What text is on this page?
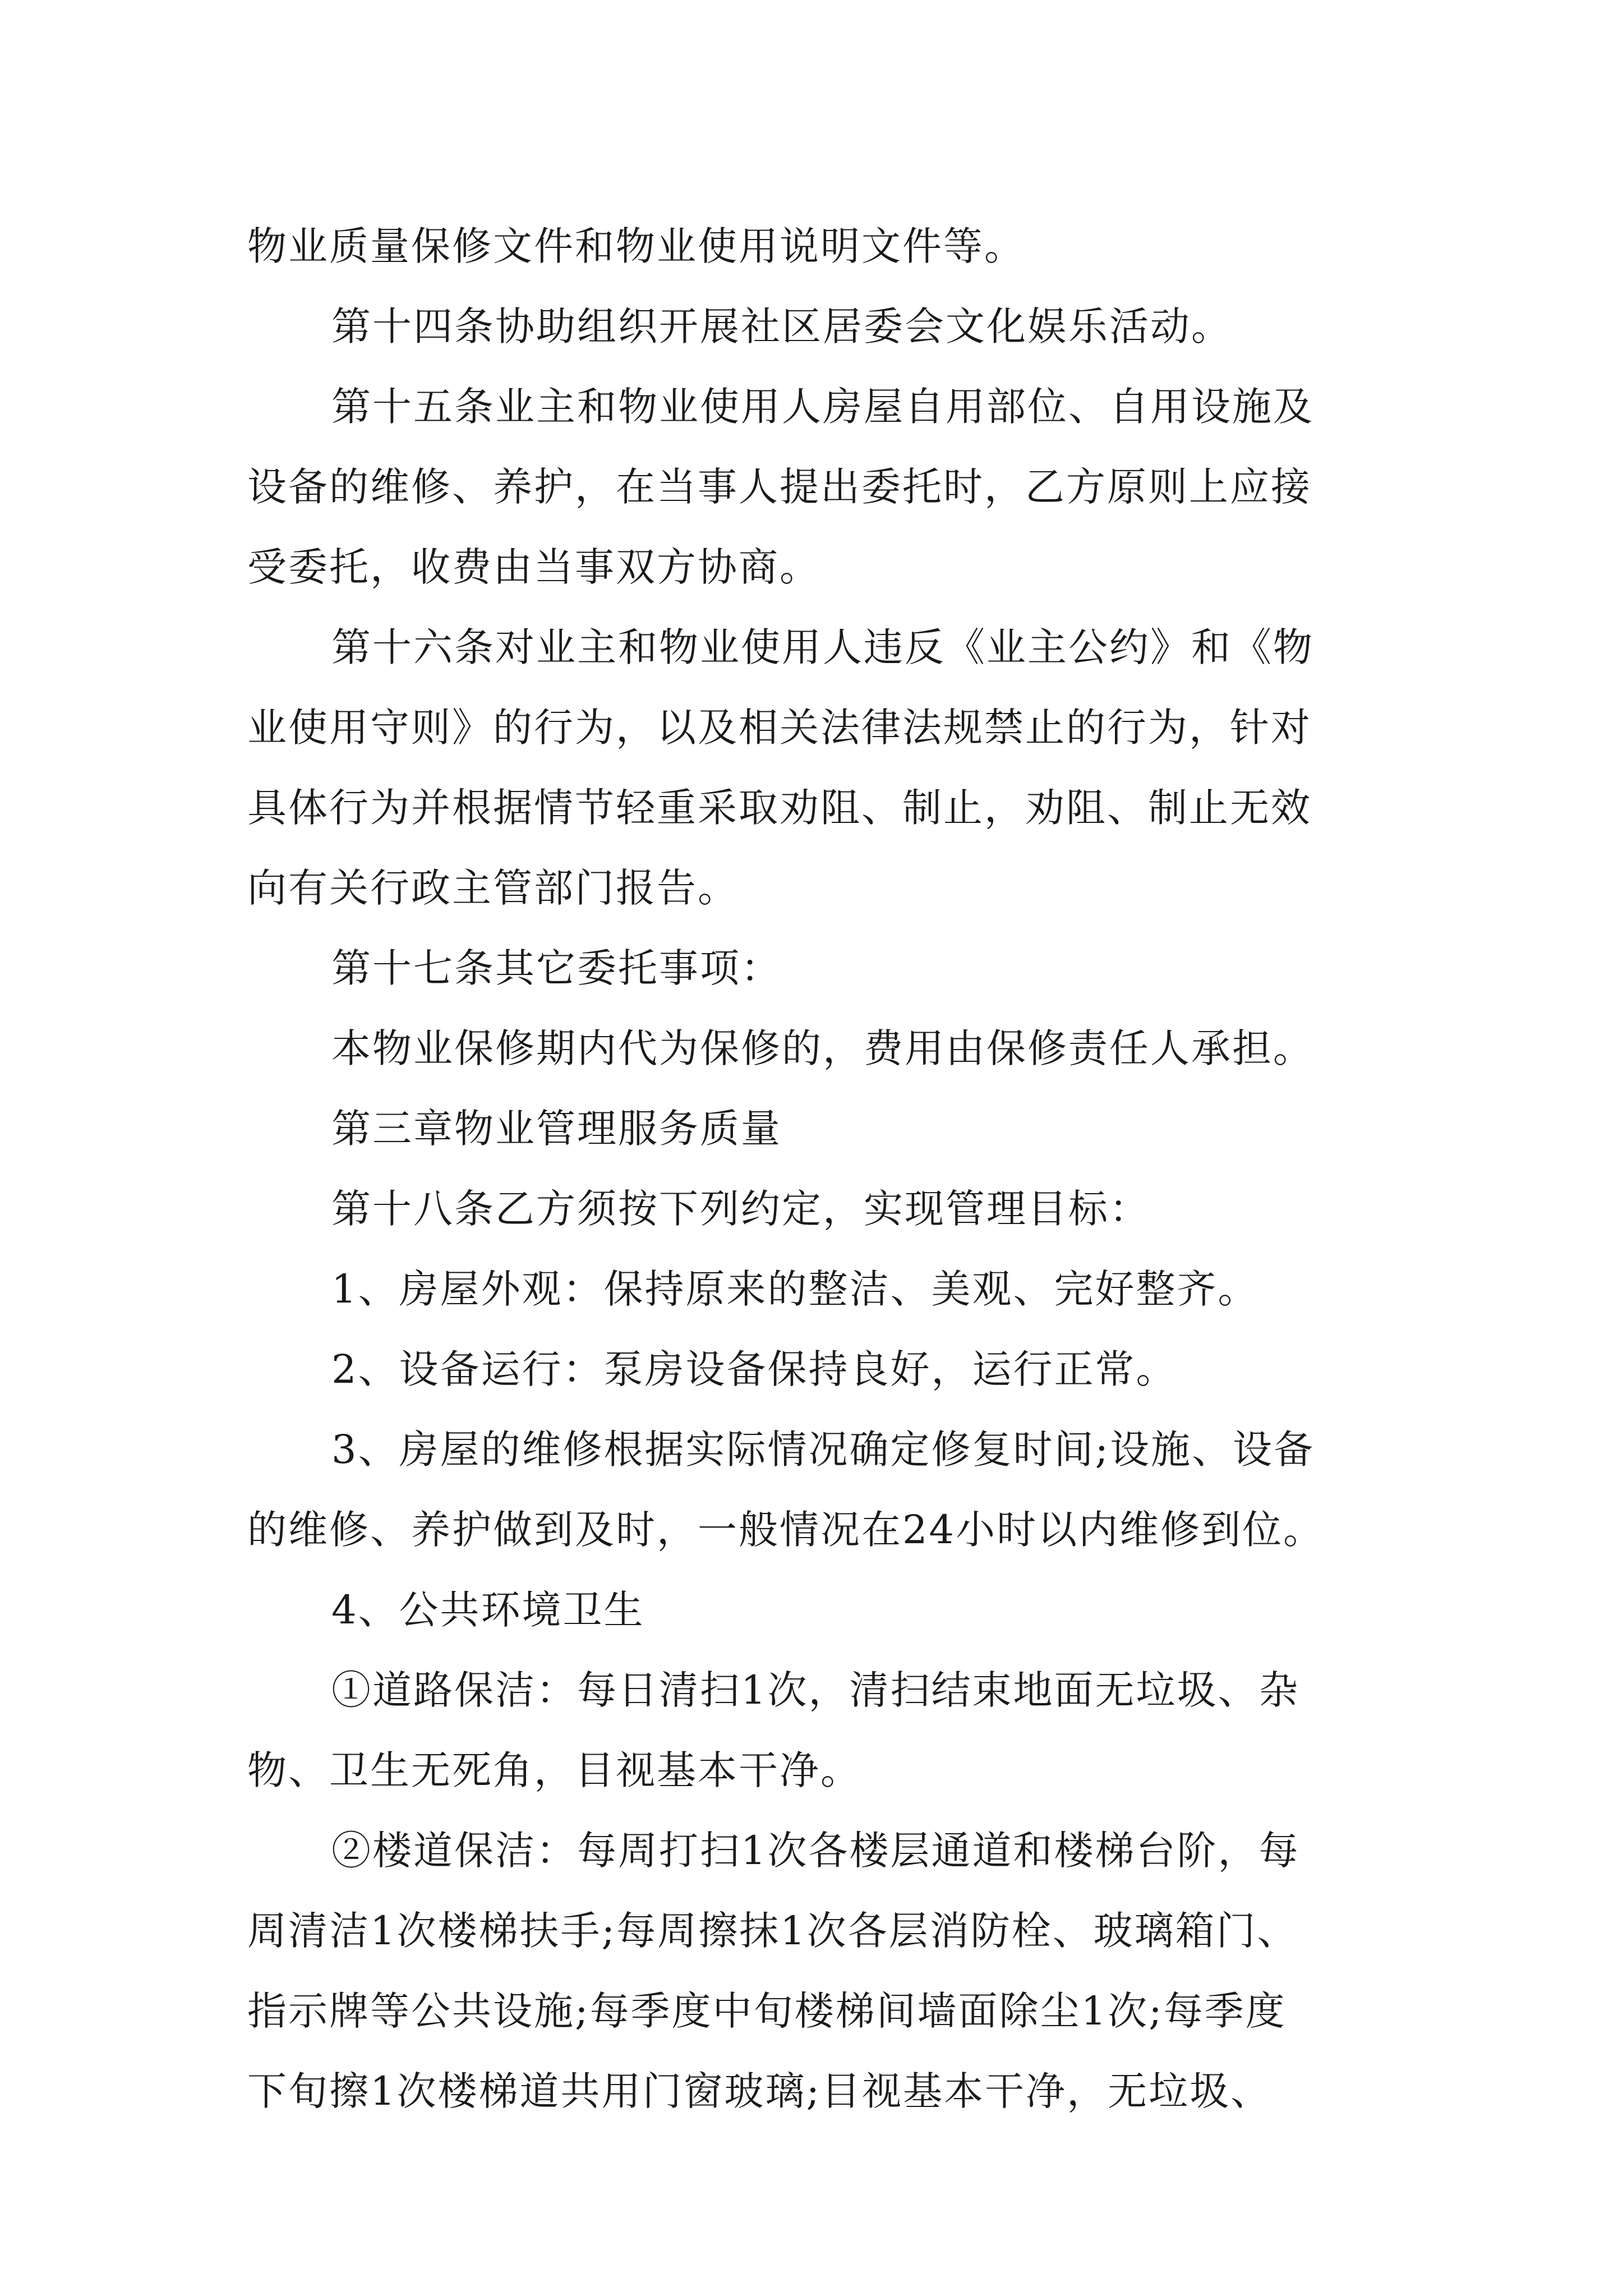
物业质量保修文件和物业使用说明文件等。
第十四条协助组织开展社区居委会文化娱乐活动。
第十五条业主和物业使用人房屋自用部位、自用设施及
设备的维修、养护，在当事人提出委托时，乙方原则上应接
受委托，收费由当事双方协商。
第十六条对业主和物业使用人违反《业主公约》和《物
业使用守则》的行为，以及相关法律法规禁止的行为，针对
具体行为并根据情节轻重采取劝阻、制止，劝阻、制止无效
向有关行政主管部门报告。
第十七条其它委托事项：
本物业保修期内代为保修的，费用由保修责任人承担。
第三章物业管理服务质量
第十八条乙方须按下列约定，实现管理目标：
1、房屋外观：保持原来的整洁、美观、完好整齐。
2、设备运行：泵房设备保持良好，运行正常。
3、房屋的维修根据实际情况确定修复时间;设施、设备
的维修、养护做到及时，一般情况在24小时以内维修到位。
4、公共环境卫生
①道路保洁：每日清扫1次，清扫结束地面无垃圾、杂
物、卫生无死角，目视基本干净。
②楼道保洁：每周打扫1次各楼层通道和楼梯台阶，每
周清洁1次楼梯扶手;每周擦抹1次各层消防栓、玻璃箱门、
指示牌等公共设施;每季度中旬楼梯间墙面除尘1次;每季度
下旬擦1次楼梯道共用门窗玻璃;目视基本干净，无垃圾、
